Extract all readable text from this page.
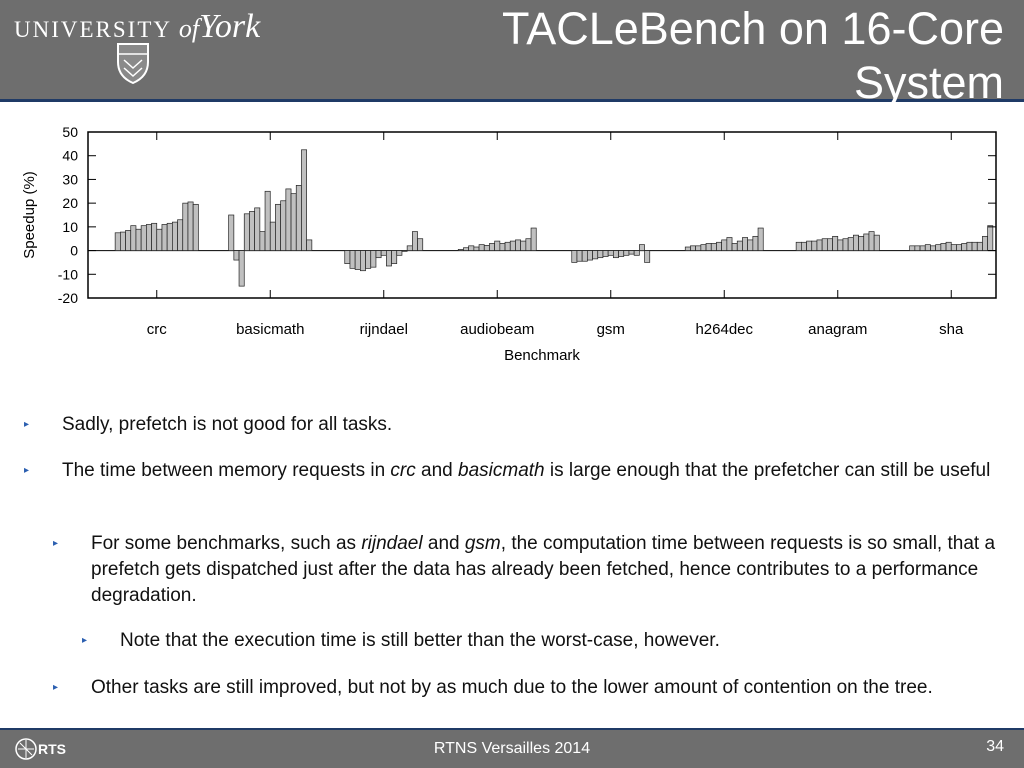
UNIVERSITY ofYork	TACLeBench on 16-Core System
50
40
30
20
10
0
-10
-20
crc	basicmath	rijndael	audiobeam	gsm	h264dec	anagram	sha
Speedup (%)
Benchmark
▸ Sadly, prefetch is not good for all tasks.
▸ The time between memory requests in crc and basicmath is large enough that the prefetcher can still be useful
▸ For some benchmarks, such as rijndael and gsm, the computation time between requests is so small, that a prefetch gets dispatched just after the data has already been fetched, hence contributes to a performance degradation.
▸ Note that the execution time is still better than the worst-case, however.
▸ Other tasks are still improved, but not by as much due to the lower amount of contention on the tree.
RTS	RTNS Versailles 2014	34
